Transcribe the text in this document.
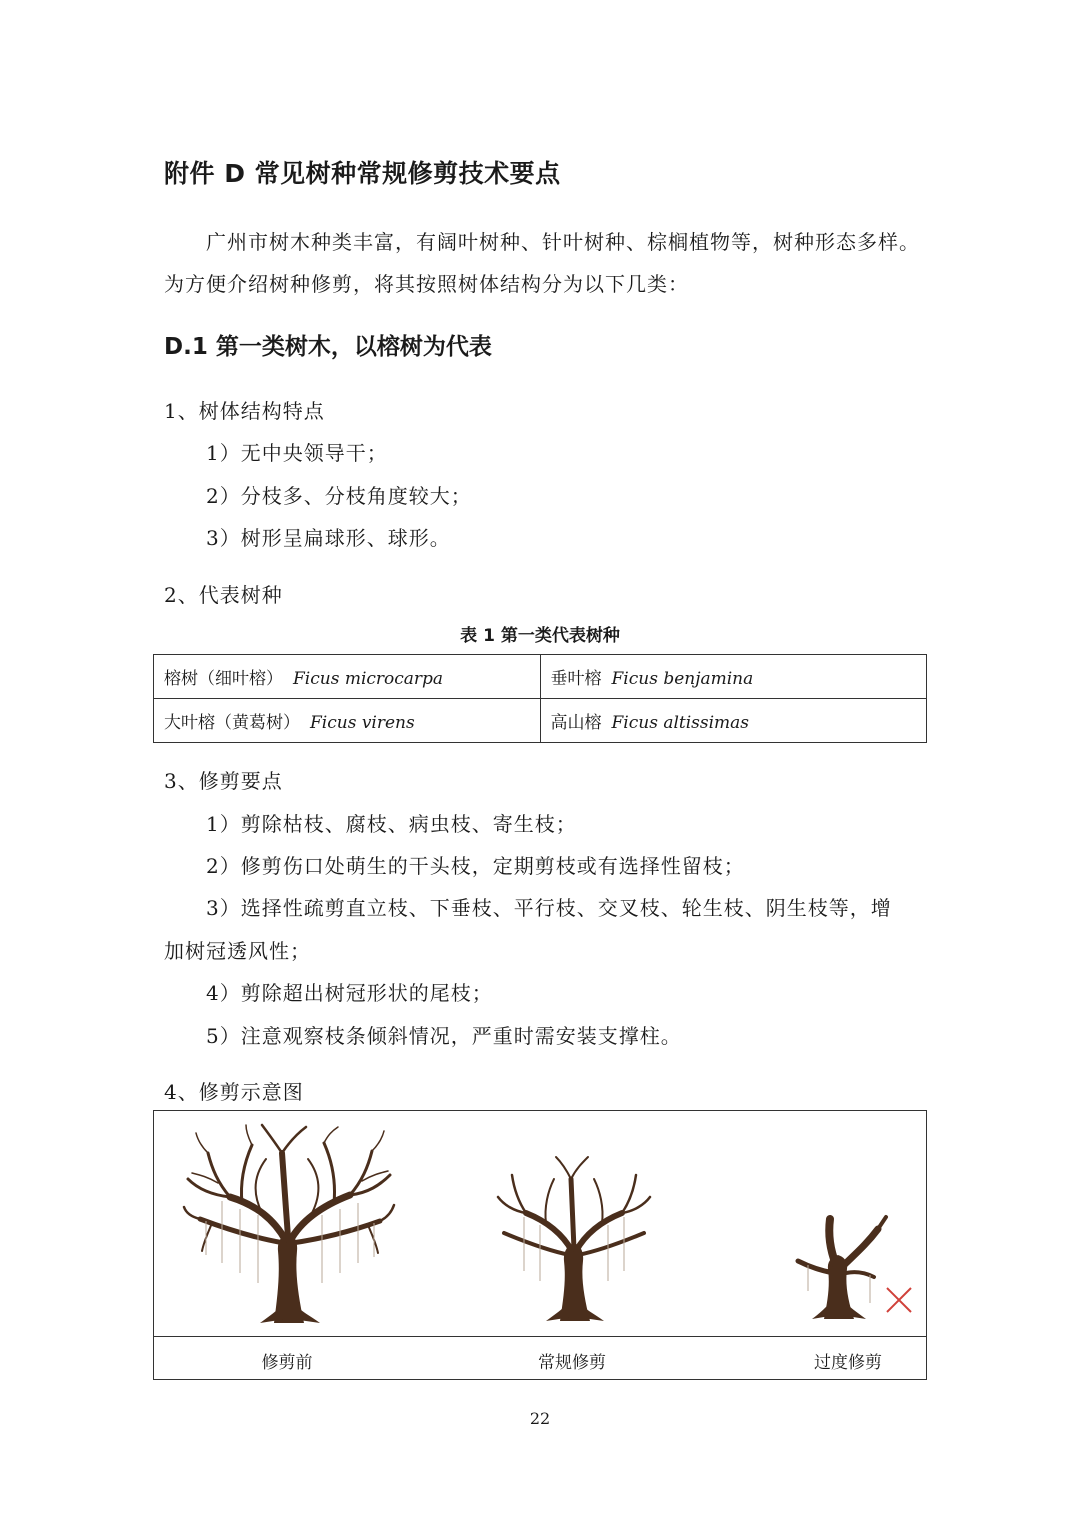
附件 D 常见树种常规修剪技术要点
广州市树木种类丰富，有阔叶树种、针叶树种、棕榈植物等，树种形态多样。
为方便介绍树种修剪，将其按照树体结构分为以下几类：
D.1 第一类树木，以榕树为代表
1、树体结构特点
1）无中央领导干；
2）分枝多、分枝角度较大；
3）树形呈扁球形、球形。
2、代表树种
表 1 第一类代表树种
榕树（细叶榕） Ficus microcarpa	垂叶榕 Ficus benjamina
大叶榕（黄葛树） Ficus virens	高山榕 Ficus altissimas
3、修剪要点
1）剪除枯枝、腐枝、病虫枝、寄生枝；
2）修剪伤口处萌生的干头枝，定期剪枝或有选择性留枝；
3）选择性疏剪直立枝、下垂枝、平行枝、交叉枝、轮生枝、阴生枝等，增
加树冠透风性；
4）剪除超出树冠形状的尾枝；
5）注意观察枝条倾斜情况，严重时需安装支撑柱。
4、修剪示意图
修剪前	常规修剪	过度修剪
22
